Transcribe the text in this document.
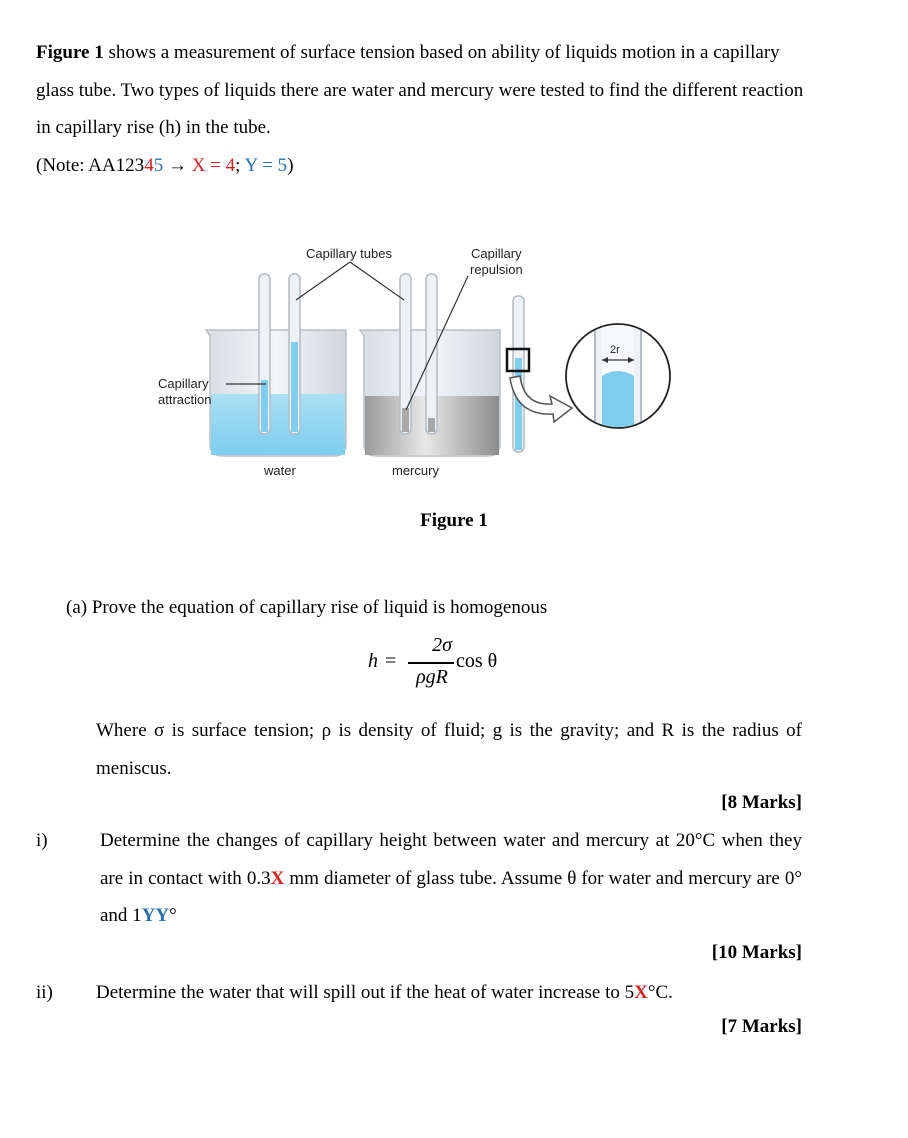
Figure 1 shows a measurement of surface tension based on ability of liquids motion in a capillary glass tube. Two types of liquids there are water and mercury were tested to find the different reaction in capillary rise (h) in the tube.
(Note: AA12345 → X = 4; Y = 5)
Capillary tubes	Capillary
repulsion
Capillary
attraction
water	mercury
2r
Figure 1
(a) Prove the equation of capillary rise of liquid is homogenous
h =
2σ
ρgR
cos θ
Where σ is surface tension; ρ is density of fluid; g is the gravity; and R is the radius of meniscus.
[8 Marks]
i)	Determine the changes of capillary height between water and mercury at 20°C when they are in contact with 0.3X mm diameter of glass tube. Assume θ for water and mercury are 0° and 1YY°
[10 Marks]
ii) Determine the water that will spill out if the heat of water increase to 5X°C.
[7 Marks]
